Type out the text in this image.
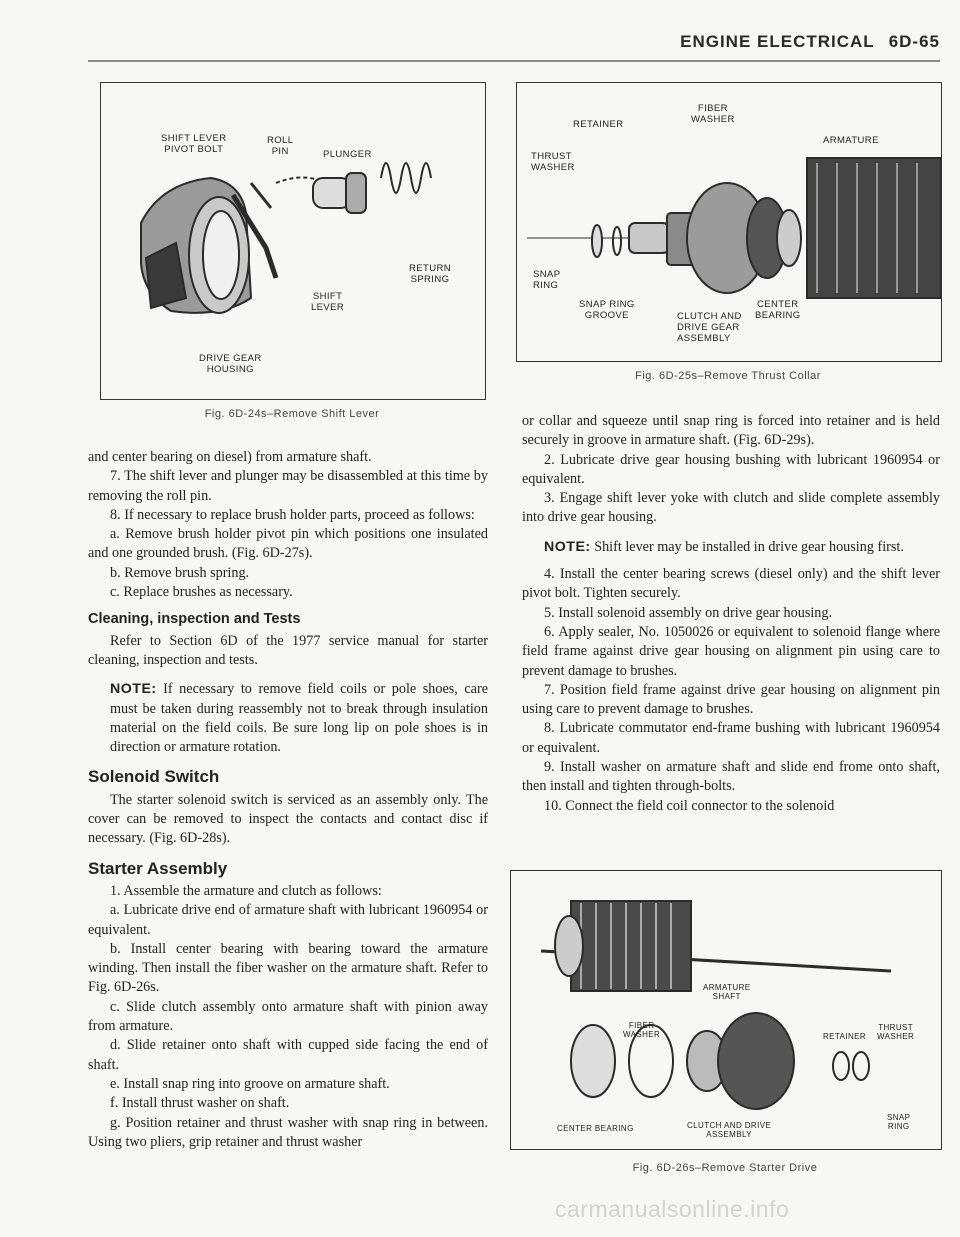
ENGINE ELECTRICAL 6D-65
SHIFT LEVER
PIVOT BOLT
ROLL
PIN	PLUNGER
RETURN
SPRING
SHIFT
LEVER
DRIVE GEAR
HOUSING
Fig. 6D-24s–Remove Shift Lever
FIBER
WASHER
RETAINER
ARMATURE
THRUST
WASHER
SNAP
RING
SNAP RING
GROOVE	CLUTCH AND
DRIVE GEAR
ASSEMBLY
CENTER
BEARING
Fig. 6D-25s–Remove Thrust Collar

and center bearing on diesel) from armature shaft.

7. The shift lever and plunger may be disassembled at this time by removing the roll pin.

8. If necessary to replace brush holder parts, proceed as follows:

a. Remove brush holder pivot pin which positions one insulated and one grounded brush. (Fig. 6D-27s).

b. Remove brush spring.

c. Replace brushes as necessary.

Cleaning, inspection and Tests

Refer to Section 6D of the 1977 service manual for starter cleaning, inspection and tests.

NOTE: If necessary to remove field coils or pole shoes, care must be taken during reassembly not to break through insulation material on the field coils. Be sure long lip on pole shoes is in direction or armature rotation.

Solenoid Switch

The starter solenoid switch is serviced as an assembly only. The cover can be removed to inspect the contacts and contact disc if necessary. (Fig. 6D-28s).

Starter Assembly

1. Assemble the armature and clutch as follows:

a. Lubricate drive end of armature shaft with lubricant 1960954 or equivalent.

b. Install center bearing with bearing toward the armature winding. Then install the fiber washer on the armature shaft. Refer to Fig. 6D-26s.

c. Slide clutch assembly onto armature shaft with pinion away from armature.

d. Slide retainer onto shaft with cupped side facing the end of shaft.

e. Install snap ring into groove on armature shaft.

f. Install thrust washer on shaft.

g. Position retainer and thrust washer with snap ring in between. Using two pliers, grip retainer and thrust washer

or collar and squeeze until snap ring is forced into retainer and is held securely in groove in armature shaft. (Fig. 6D-29s).

2. Lubricate drive gear housing bushing with lubricant 1960954 or equivalent.

3. Engage shift lever yoke with clutch and slide complete assembly into drive gear housing.

NOTE: Shift lever may be installed in drive gear housing first.

4. Install the center bearing screws (diesel only) and the shift lever pivot bolt. Tighten securely.

5. Install solenoid assembly on drive gear housing.

6. Apply sealer, No. 1050026 or equivalent to solenoid flange where field frame against drive gear housing on alignment pin using care to prevent damage to brushes.

7. Position field frame against drive gear housing on alignment pin using care to prevent damage to brushes.

8. Lubricate commutator end-frame bushing with lubricant 1960954 or equivalent.

9. Install washer on armature shaft and slide end frome onto shaft, then install and tighten through-bolts.

10. Connect the field coil connector to the solenoid

ARMATURE
SHAFT
FIBER
WASHER	RETAINER
THRUST
WASHER
SNAP
RING
CENTER BEARING	CLUTCH AND DRIVE
ASSEMBLY
Fig. 6D-26s–Remove Starter Drive
carmanualsonline.info
